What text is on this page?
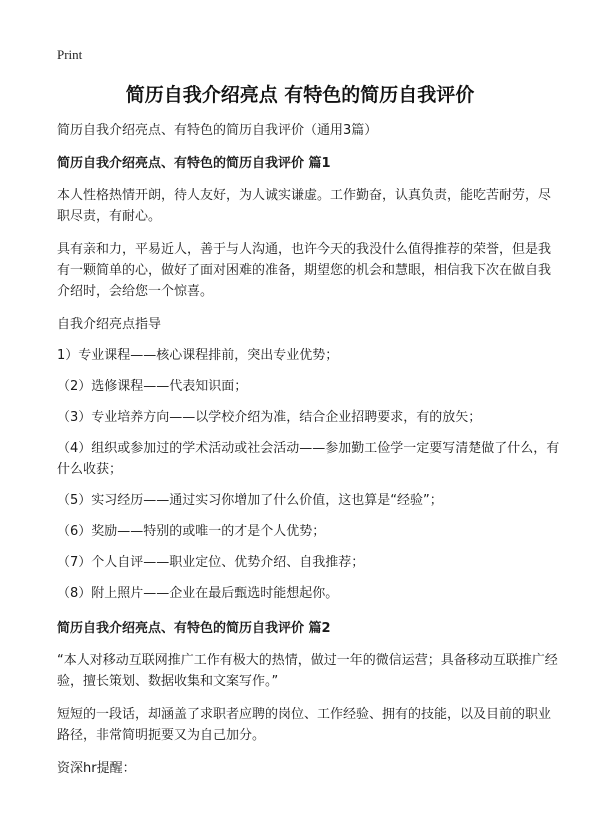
Print
简历自我介绍亮点 有特色的简历自我评价

简历自我介绍亮点、有特色的简历自我评价（通用3篇）

简历自我介绍亮点、有特色的简历自我评价 篇1

本人性格热情开朗，待人友好，为人诚实谦虚。工作勤奋，认真负责，能吃苦耐劳，尽职尽责，有耐心。

具有亲和力，平易近人，善于与人沟通，也许今天的我没什么值得推荐的荣誉，但是我有一颗简单的心，做好了面对困难的准备，期望您的机会和慧眼，相信我下次在做自我介绍时，会给您一个惊喜。

自我介绍亮点指导

1）专业课程——核心课程排前，突出专业优势；

（2）选修课程——代表知识面；

（3）专业培养方向——以学校介绍为准，结合企业招聘要求，有的放矢；

（4）组织或参加过的学术活动或社会活动——参加勤工俭学一定要写清楚做了什么，有什么收获；

（5）实习经历——通过实习你增加了什么价值，这也算是“经验”；

（6）奖励——特别的或唯一的才是个人优势；

（7）个人自评——职业定位、优势介绍、自我推荐；

（8）附上照片——企业在最后甄选时能想起你。

简历自我介绍亮点、有特色的简历自我评价 篇2

“本人对移动互联网推广工作有极大的热情，做过一年的微信运营；具备移动互联推广经验，擅长策划、数据收集和文案写作。”

短短的一段话，却涵盖了求职者应聘的岗位、工作经验、拥有的技能，以及目前的职业路径，非常简明扼要又为自己加分。

资深hr提醒：
